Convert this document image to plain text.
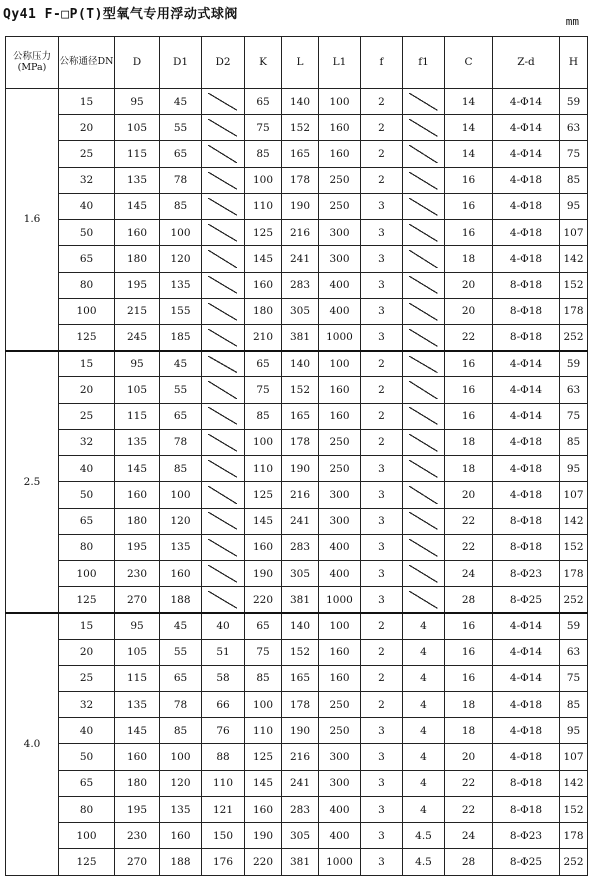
Qy41 F-□P(T)型氧气专用浮动式球阀	mm
公称压力(MPa)	公称通径DN	D	D1	D2	K	L	L1	f	f1	C	Z-d	H
1.6	15	95	45		65	140	100	2		14	4-Φ14	59
	20	105	55		75	152	160	2		14	4-Φ14	63
	25	115	65		85	165	160	2		14	4-Φ14	75
	32	135	78		100	178	250	2		16	4-Φ18	85
	40	145	85		110	190	250	3		16	4-Φ18	95
	50	160	100		125	216	300	3		16	4-Φ18	107
	65	180	120		145	241	300	3		18	4-Φ18	142
	80	195	135		160	283	400	3		20	8-Φ18	152
	100	215	155		180	305	400	3		20	8-Φ18	178
	125	245	185		210	381	1000	3		22	8-Φ18	252
2.5	15	95	45		65	140	100	2		16	4-Φ14	59
	20	105	55		75	152	160	2		16	4-Φ14	63
	25	115	65		85	165	160	2		16	4-Φ14	75
	32	135	78		100	178	250	2		18	4-Φ18	85
	40	145	85		110	190	250	3		18	4-Φ18	95
	50	160	100		125	216	300	3		20	4-Φ18	107
	65	180	120		145	241	300	3		22	8-Φ18	142
	80	195	135		160	283	400	3		22	8-Φ18	152
	100	230	160		190	305	400	3		24	8-Φ23	178
	125	270	188		220	381	1000	3		28	8-Φ25	252
4.0	15	95	45	40	65	140	100	2	4	16	4-Φ14	59
	20	105	55	51	75	152	160	2	4	16	4-Φ14	63
	25	115	65	58	85	165	160	2	4	16	4-Φ14	75
	32	135	78	66	100	178	250	2	4	18	4-Φ18	85
	40	145	85	76	110	190	250	3	4	18	4-Φ18	95
	50	160	100	88	125	216	300	3	4	20	4-Φ18	107
	65	180	120	110	145	241	300	3	4	22	8-Φ18	142
	80	195	135	121	160	283	400	3	4	22	8-Φ18	152
	100	230	160	150	190	305	400	3	4.5	24	8-Φ23	178
	125	270	188	176	220	381	1000	3	4.5	28	8-Φ25	252
